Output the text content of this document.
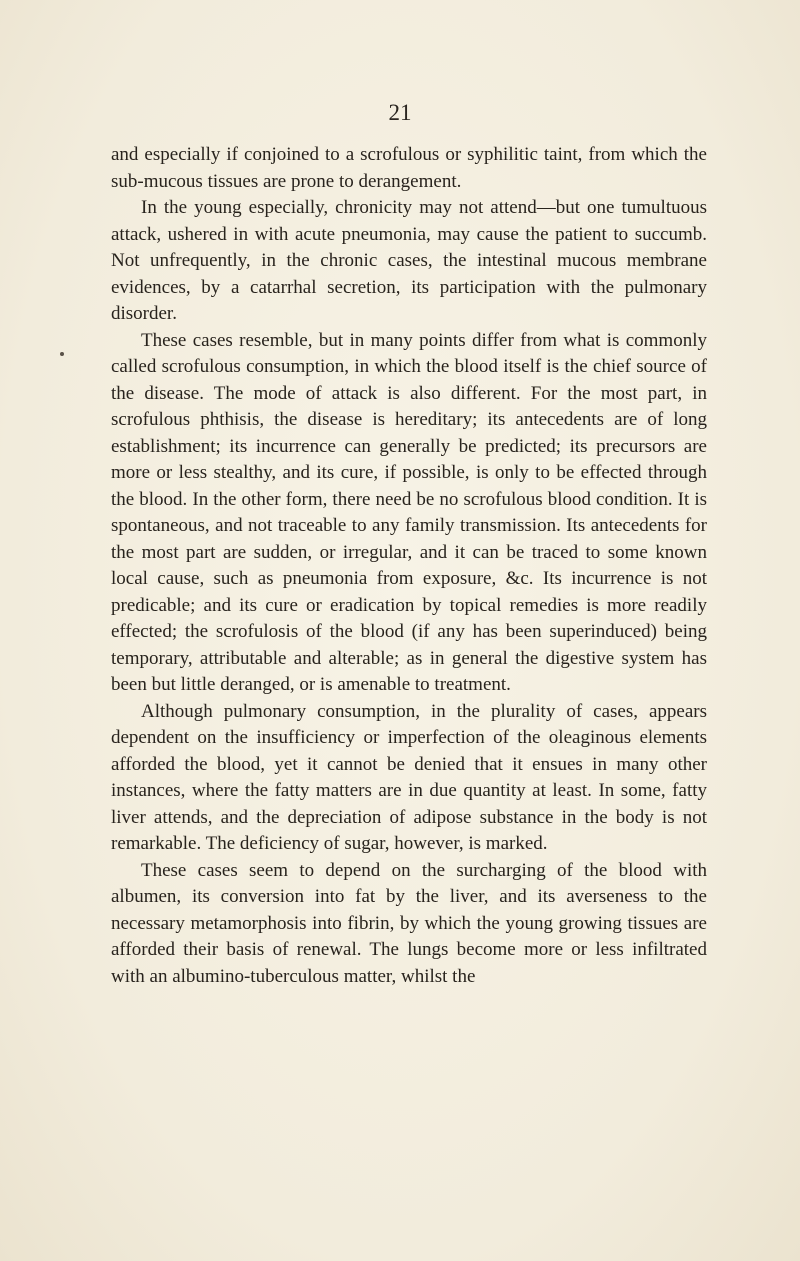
21

and especially if conjoined to a scrofulous or syphilitic taint, from which the sub-mucous tissues are prone to derangement.

In the young especially, chronicity may not attend—but one tumultuous attack, ushered in with acute pneumonia, may cause the patient to succumb. Not unfrequently, in the chronic cases, the intestinal mucous membrane evidences, by a catarrhal secretion, its participation with the pulmonary disorder.

These cases resemble, but in many points differ from what is commonly called scrofulous consumption, in which the blood itself is the chief source of the disease. The mode of attack is also different. For the most part, in scrofulous phthisis, the disease is hereditary; its antecedents are of long establishment; its incurrence can generally be predicted; its precursors are more or less stealthy, and its cure, if possible, is only to be effected through the blood. In the other form, there need be no scrofulous blood condition. It is spontaneous, and not traceable to any family transmission. Its antecedents for the most part are sudden, or irregular, and it can be traced to some known local cause, such as pneumonia from exposure, &c. Its incurrence is not predicable; and its cure or eradication by topical remedies is more readily effected; the scrofulosis of the blood (if any has been superinduced) being temporary, attributable and alterable; as in general the digestive system has been but little deranged, or is amenable to treatment.

Although pulmonary consumption, in the plurality of cases, appears dependent on the insufficiency or imperfection of the oleaginous elements afforded the blood, yet it cannot be denied that it ensues in many other instances, where the fatty matters are in due quantity at least. In some, fatty liver attends, and the depreciation of adipose substance in the body is not remarkable. The deficiency of sugar, however, is marked.

These cases seem to depend on the surcharging of the blood with albumen, its conversion into fat by the liver, and its averseness to the necessary metamorphosis into fibrin, by which the young growing tissues are afforded their basis of renewal. The lungs become more or less infiltrated with an albumino-tuberculous matter, whilst the
